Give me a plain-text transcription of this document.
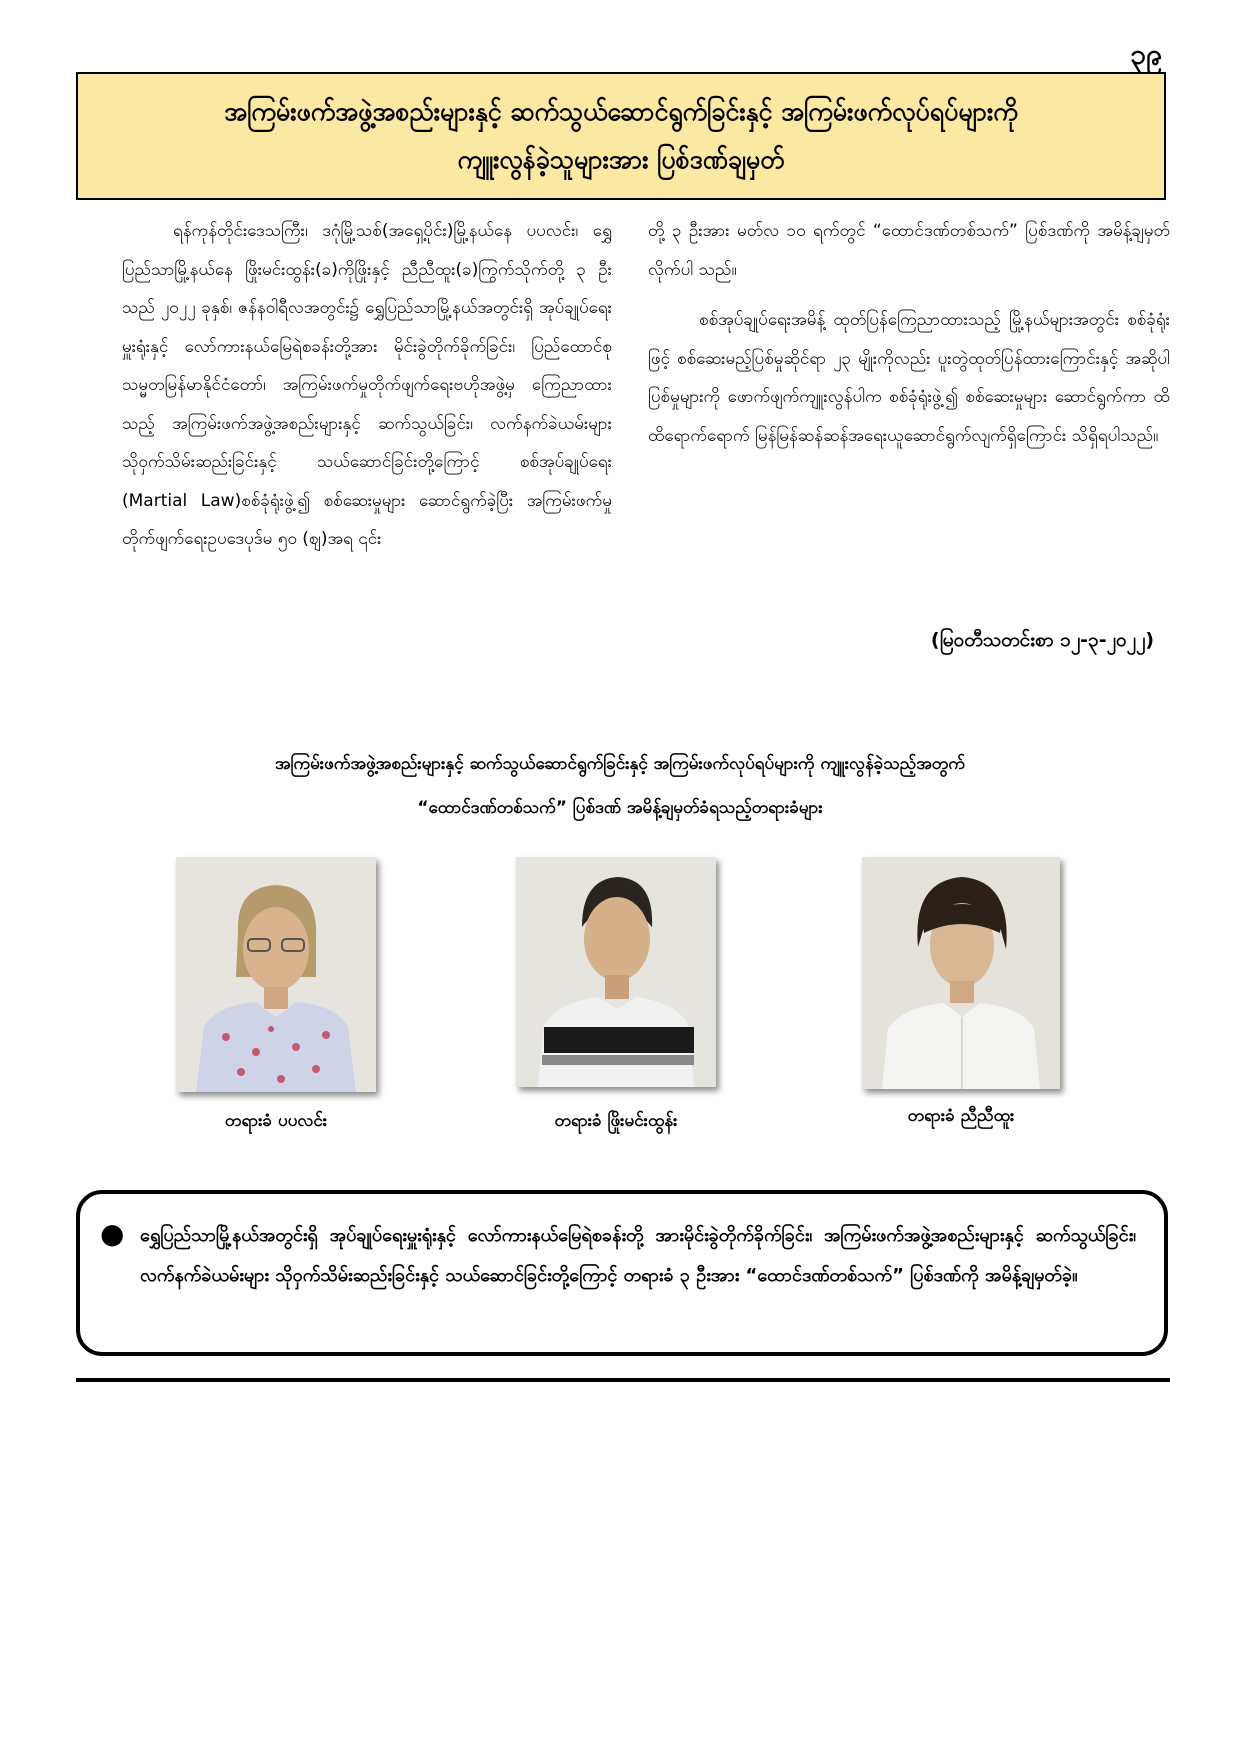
၃၉
အကြမ်းဖက်အဖွဲ့အစည်းများနှင့် ဆက်သွယ်ဆောင်ရွက်ခြင်းနှင့် အကြမ်းဖက်လုပ်ရပ်များကို
ကျူးလွန်ခဲ့သူများအား ပြစ်ဒဏ်ချမှတ်

ရန်ကုန်တိုင်းဒေသကြီး၊ ဒဂုံမြို့သစ်(အရှေ့ပိုင်း)မြို့နယ်နေ ပပလင်း၊ ရွှေပြည်သာမြို့နယ်နေ ဖြိုးမင်းထွန်း(ခ)ကိုဖြိုးနှင့် ညီညီထူး(ခ)ကြွက်သိုက်တို့ ၃ ဦးသည် ၂၀၂၂ ခုနှစ်၊ ဇန်နဝါရီလအတွင်း၌ ရွှေပြည်သာမြို့နယ်အတွင်းရှိ အုပ်ချုပ်ရေးမှူးရုံးနှင့် လော်ကားနယ်မြေရဲစခန်းတို့အား မိုင်းခွဲတိုက်ခိုက်ခြင်း၊ ပြည်ထောင်စုသမ္မတမြန်မာနိုင်ငံတော်၊ အကြမ်းဖက်မှုတိုက်ဖျက်ရေးဗဟိုအဖွဲ့မှ ကြေညာထားသည့် အကြမ်းဖက်အဖွဲ့အစည်းများနှင့် ဆက်သွယ်ခြင်း၊ လက်နက်ခဲယမ်းများ သိုဝှက်သိမ်းဆည်းခြင်းနှင့် သယ်ဆောင်ခြင်းတို့ကြောင့် စစ်အုပ်ချုပ်ရေး (Martial Law)စစ်ခုံရုံးဖွဲ့၍ စစ်ဆေးမှုများ ဆောင်ရွက်ခဲ့ပြီး အကြမ်းဖက်မှုတိုက်ဖျက်ရေးဥပဒေပုဒ်မ ၅၀ (ဈ)အရ ၎င်း

တို့ ၃ ဦးအား မတ်လ ၁၀ ရက်တွင် “ထောင်ဒဏ်တစ်သက်” ပြစ်ဒဏ်ကို အမိန့်ချမှတ်လိုက်ပါ သည်။

စစ်အုပ်ချုပ်ရေးအမိန့် ထုတ်ပြန်ကြေညာထားသည့် မြို့နယ်များအတွင်း စစ်ခုံရုံးဖြင့် စစ်ဆေးမည့်ပြစ်မှုဆိုင်ရာ ၂၃ မျိုးကိုလည်း ပူးတွဲထုတ်ပြန်ထားကြောင်းနှင့် အဆိုပါပြစ်မှုများကို ဖောက်ဖျက်ကျူးလွန်ပါက စစ်ခုံရုံးဖွဲ့၍ စစ်ဆေးမှုများ ဆောင်ရွက်ကာ ထိထိရောက်ရောက် မြန်မြန်ဆန်ဆန်အရေးယူဆောင်ရွက်လျက်ရှိကြောင်း သိရှိရပါသည်။

(မြဝတီသတင်းစာ ၁၂-၃-၂၀၂၂)
အကြမ်းဖက်အဖွဲ့အစည်းများနှင့် ဆက်သွယ်ဆောင်ရွက်ခြင်းနှင့် အကြမ်းဖက်လုပ်ရပ်များကို ကျူးလွန်ခဲ့သည့်အတွက်
“ထောင်ဒဏ်တစ်သက်” ပြစ်ဒဏ် အမိန့်ချမှတ်ခံရသည့်တရားခံများ
တရားခံ ပပလင်း	တရားခံ ဖြိုးမင်းထွန်း	တရားခံ ညီညီထူး
● ရွှေပြည်သာမြို့နယ်အတွင်းရှိ အုပ်ချုပ်ရေးမှူးရုံးနှင့် လော်ကားနယ်မြေရဲစခန်းတို့ အားမိုင်းခွဲတိုက်ခိုက်ခြင်း၊ အကြမ်းဖက်အဖွဲ့အစည်းများနှင့် ဆက်သွယ်ခြင်း၊ လက်နက်ခဲယမ်းများ သိုဝှက်သိမ်းဆည်းခြင်းနှင့် သယ်ဆောင်ခြင်းတို့ကြောင့် တရားခံ ၃ ဦးအား “ထောင်ဒဏ်တစ်သက်” ပြစ်ဒဏ်ကို အမိန့်ချမှတ်ခဲ့။
